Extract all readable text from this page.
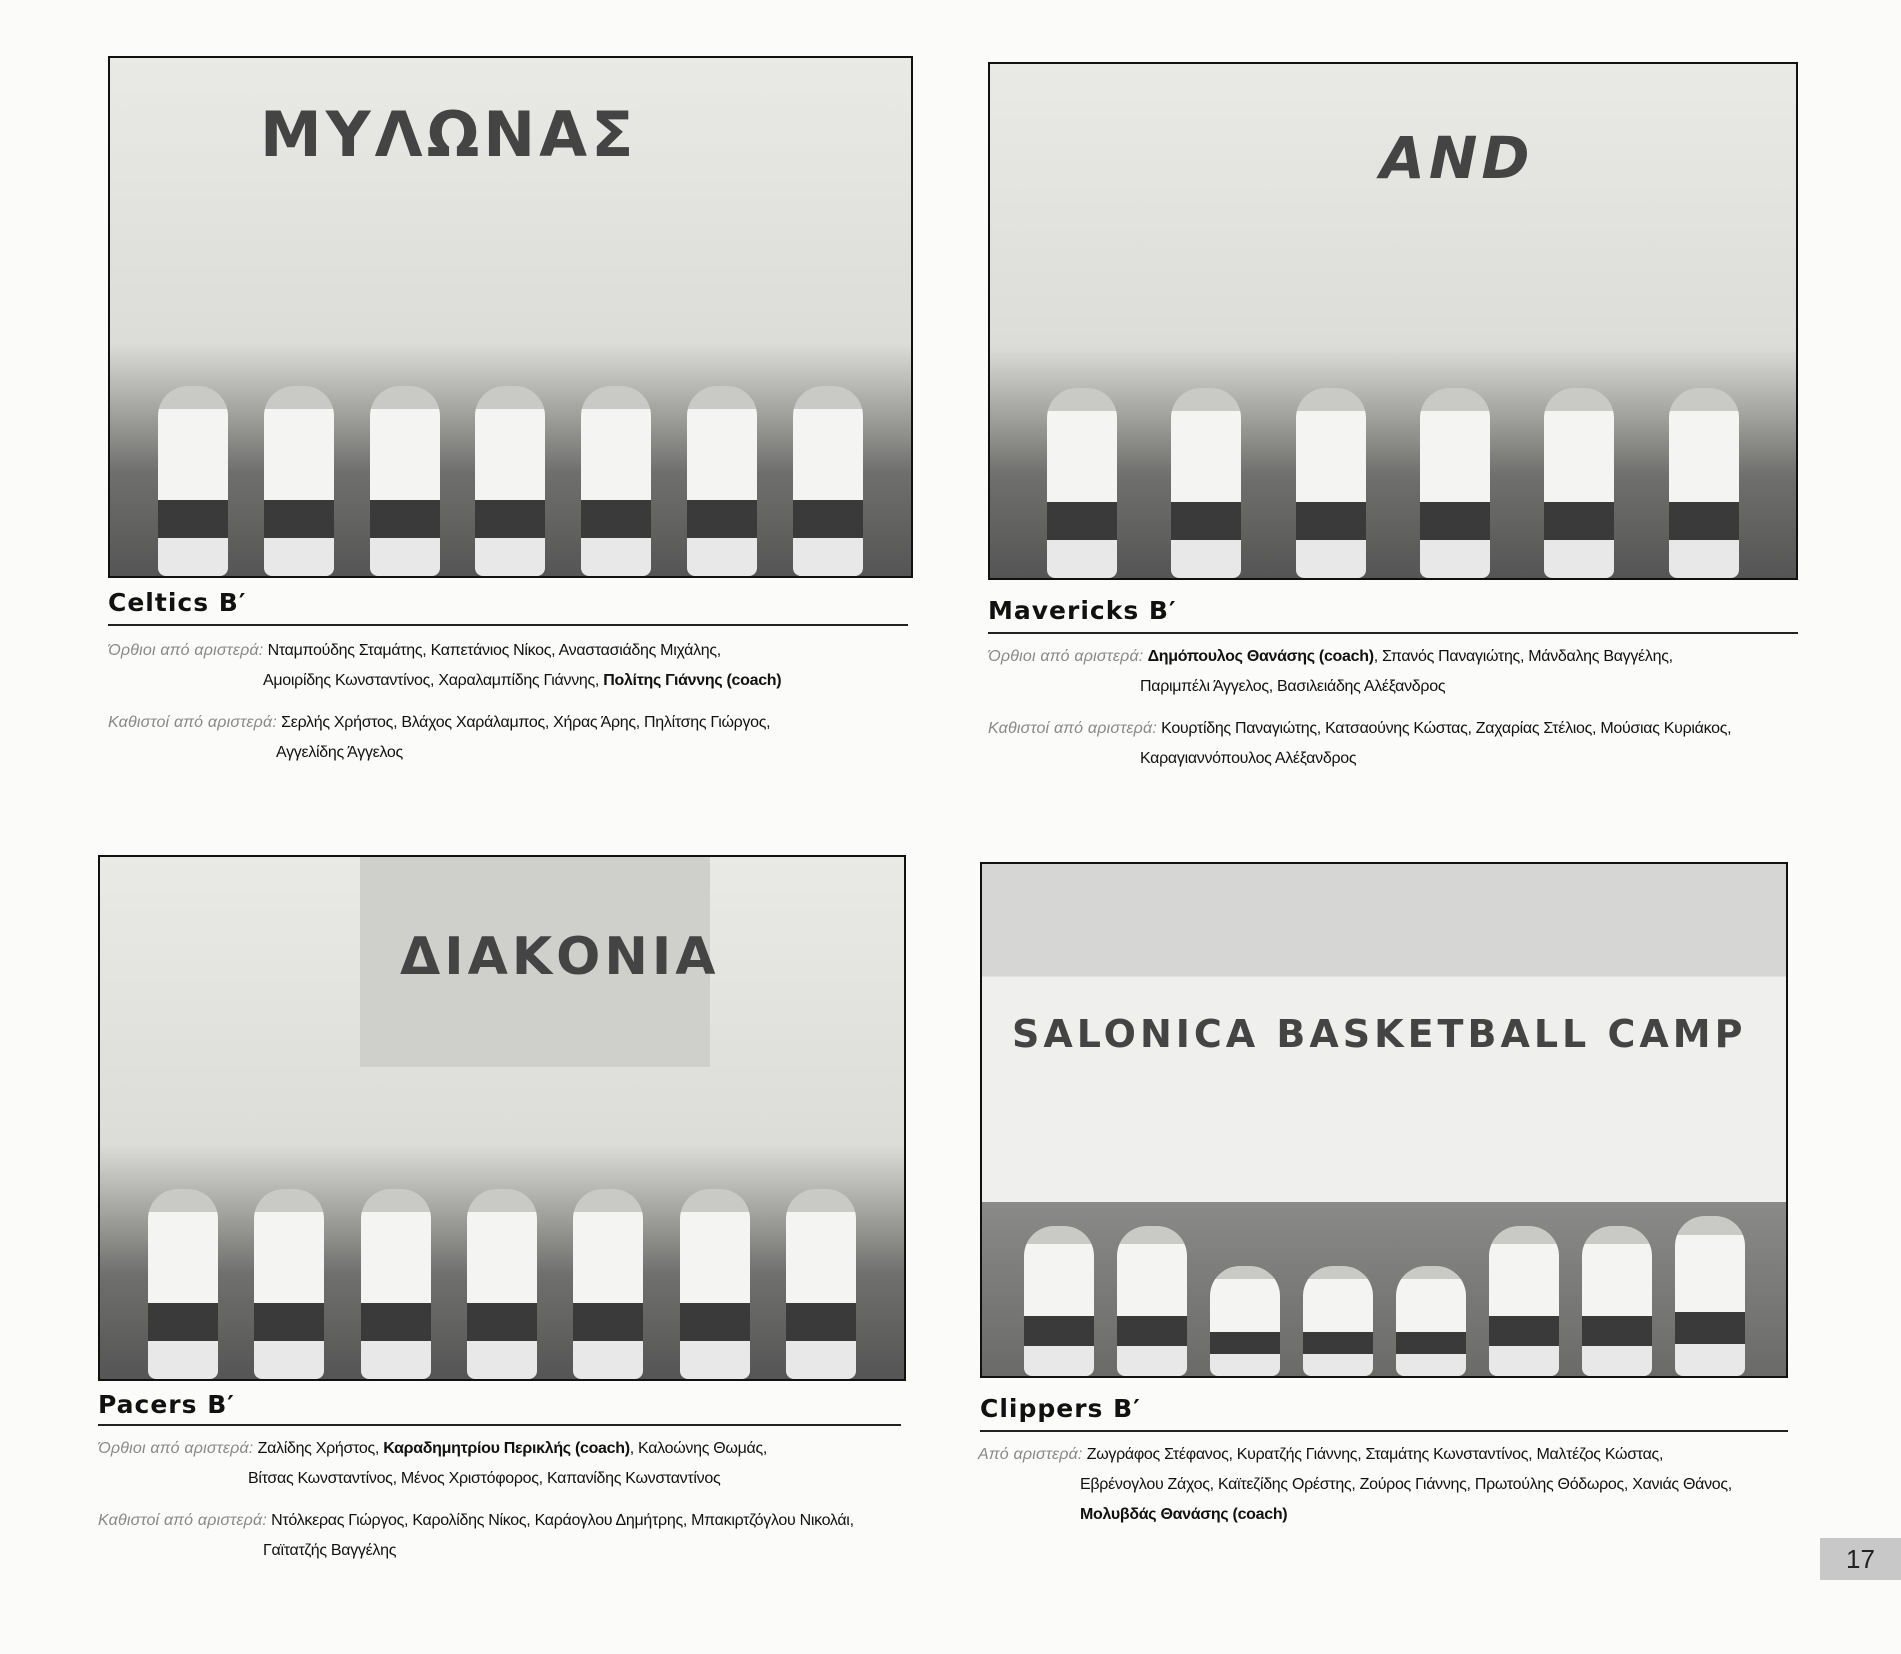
ΜΥΛΩΝΑΣ
Celtics B′
Όρθιοι από αριστερά: Νταμπούδης Σταμάτης, Καπετάνιος Νίκος, Αναστασιάδης Μιχάλης,
Αμοιρίδης Κωνσταντίνος, Χαραλαμπίδης Γιάννης, Πολίτης Γιάννης (coach)
Καθιστοί από αριστερά: Σερλής Χρήστος, Βλάχος Χαράλαμπος, Χήρας Άρης, Πηλίτσης Γιώργος,
Αγγελίδης Άγγελος
AND
Mavericks B′
Όρθιοι από αριστερά: Δημόπουλος Θανάσης (coach), Σπανός Παναγιώτης, Μάνδαλης Βαγγέλης,
Παριμπέλι Άγγελος, Βασιλειάδης Αλέξανδρος
Καθιστοί από αριστερά: Κουρτίδης Παναγιώτης, Κατσαούνης Κώστας, Ζαχαρίας Στέλιος, Μούσιας Κυριάκος,
Καραγιαννόπουλος Αλέξανδρος
ΔΙΑΚΟΝΙΑ
Pacers B′
Όρθιοι από αριστερά: Ζαλίδης Χρήστος, Καραδημητρίου Περικλής (coach), Καλοώνης Θωμάς,
Βίτσας Κωνσταντίνος, Μένος Χριστόφορος, Καπανίδης Κωνσταντίνος
Καθιστοί από αριστερά: Ντόλκερας Γιώργος, Καρολίδης Νίκος, Καράογλου Δημήτρης, Μπακιρτζόγλου Νικολάι,
Γαϊτατζής Βαγγέλης
SALONICA BASKETBALL CAMP
Clippers B′
Από αριστερά: Ζωγράφος Στέφανος, Κυρατζής Γιάννης, Σταμάτης Κωνσταντίνος, Μαλτέζος Κώστας,
Εβρένογλου Ζάχος, Καϊτεζίδης Ορέστης, Ζούρος Γιάννης, Πρωτούλης Θόδωρος, Χανιάς Θάνος,
Μολυβδάς Θανάσης (coach)
17
